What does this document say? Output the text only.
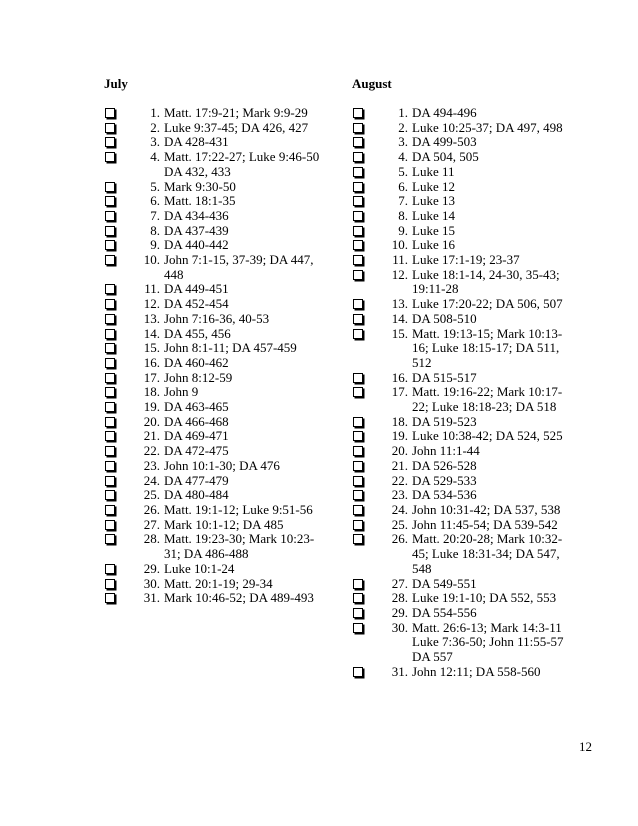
July
1 . Matt. 17:9-21; Mark 9:9-29
2 . Luke 9:37-45; DA 426, 427
3 . DA 428-431
4 . Matt. 17:22-27; Luke 9:46-50 DA 432, 433
5 . Mark 9:30-50
6 . Matt. 18:1-35
7 . DA 434-436
8 . DA 437-439
9 . DA 440-442
10 . John 7:1-15, 37-39; DA 447, 448
11 . DA 449-451
12 . DA 452-454
13 . John 7:16-36, 40-53
14 . DA 455, 456
15 . John 8:1-11; DA 457-459
16 . DA 460-462
17 . John 8:12-59
18 . John 9
19 . DA 463-465
20 . DA 466-468
21 . DA 469-471
22 . DA 472-475
23 . John 10:1-30; DA 476
24 . DA 477-479
25 . DA 480-484
26 . Matt. 19:1-12; Luke 9:51-56
27 . Mark 10:1-12; DA 485
28 . Matt. 19:23-30; Mark 10:23-31; DA 486-488
29 . Luke 10:1-24
30 . Matt. 20:1-19; 29-34
31 . Mark 10:46-52; DA 489-493
August
1 . DA 494-496
2 . Luke 10:25-37; DA 497, 498
3 . DA 499-503
4 . DA 504, 505
5 . Luke 11
6 . Luke 12
7 . Luke 13
8 . Luke 14
9 . Luke 15
10 . Luke 16
11 . Luke 17:1-19; 23-37
12 . Luke 18:1-14, 24-30, 35-43; 19:11-28
13 . Luke 17:20-22; DA 506, 507
14 . DA 508-510
15 . Matt. 19:13-15; Mark 10:13-16; Luke 18:15-17; DA 511, 512
16 . DA 515-517
17 . Matt. 19:16-22; Mark 10:17-22; Luke 18:18-23; DA 518
18 . DA 519-523
19 . Luke 10:38-42; DA 524, 525
20 . John 11:1-44
21 . DA 526-528
22 . DA 529-533
23 . DA 534-536
24 . John 10:31-42; DA 537, 538
25 . John 11:45-54; DA 539-542
26 . Matt. 20:20-28; Mark 10:32-45; Luke 18:31-34; DA 547, 548
27 . DA 549-551
28 . Luke 19:1-10; DA 552, 553
29 . DA 554-556
30 . Matt. 26:6-13; Mark 14:3-11 Luke 7:36-50; John 11:55-57 DA 557
31 . John 12:11; DA 558-560
12
